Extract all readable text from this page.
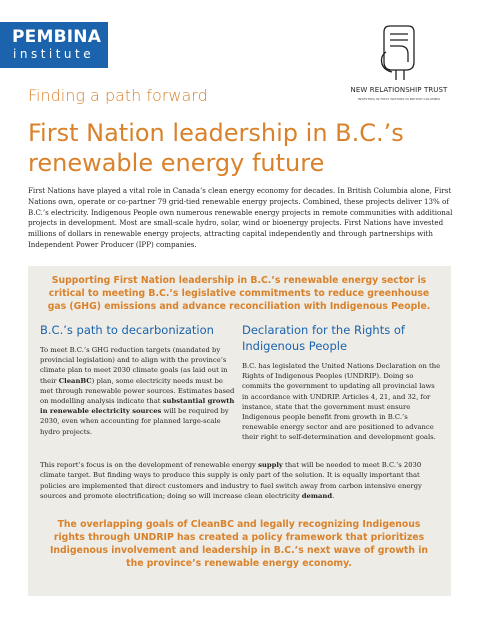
PEMBINA
institute
NEW RELATIONSHIP TRUST
INVESTING IN FIRST NATIONS IN BRITISH COLUMBIA
Finding a path forward
First Nation leadership in B.C.’s renewable energy future

First Nations have played a vital role in Canada’s clean energy economy for decades. In British Columbia alone, First Nations own, operate or co-partner 79 grid-tied renewable energy projects. Combined, these projects deliver 13% of B.C.’s electricity. Indigenous People own numerous renewable energy projects in remote communities with additional projects in development. Most are small-scale hydro, solar, wind or bioenergy projects. First Nations have invested millions of dollars in renewable energy projects, attracting capital independently and through partnerships with Independent Power Producer (IPP) companies.

Supporting First Nation leadership in B.C.’s renewable energy sector is critical to meeting B.C.’s legislative commitments to reduce greenhouse gas (GHG) emissions and advance reconciliation with Indigenous People.

B.C.’s path to decarbonization

To meet B.C.’s GHG reduction targets (mandated by provincial legislation) and to align with the province’s climate plan to meet 2030 climate goals (as laid out in their CleanBC) plan, some electricity needs must be met through renewable power sources. Estimates based on modelling analysis indicate that substantial growth in renewable electricity sources will be required by 2030, even when accounting for planned large-scale hydro projects.

Declaration for the Rights of Indigenous People

B.C. has legislated the United Nations Declaration on the Rights of Indigenous Peoples (UNDRIP). Doing so commits the government to updating all provincial laws in accordance with UNDRIP. Articles 4, 21, and 32, for instance, state that the government must ensure Indigenous people benefit from growth in B.C.’s renewable energy sector and are positioned to advance their right to self-determination and development goals.

This report’s focus is on the development of renewable energy supply that will be needed to meet B.C.’s 2030 climate target. But finding ways to produce this supply is only part of the solution. It is equally important that policies are implemented that direct customers and industry to fuel switch away from carbon intensive energy sources and promote electrification; doing so will increase clean electricity demand.

The overlapping goals of CleanBC and legally recognizing Indigenous rights through UNDRIP has created a policy framework that prioritizes Indigenous involvement and leadership in B.C.’s next wave of growth in the province’s renewable energy economy.
